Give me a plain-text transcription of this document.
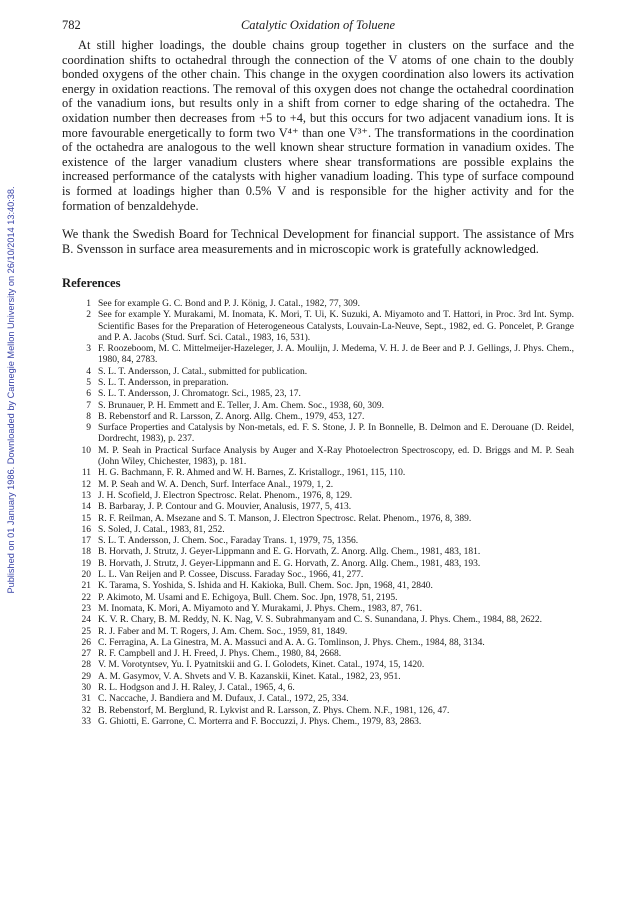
Published on 01 January 1986. Downloaded by Carnegie Mellon University on 26/10/2014 13:40:38.
782	Catalytic Oxidation of Toluene

At still higher loadings, the double chains group together in clusters on the surface and the coordination shifts to octahedral through the connection of the V atoms of one chain to the doubly bonded oxygens of the other chain. This change in the oxygen coordination also lowers its activation energy in oxidation reactions. The removal of this oxygen does not change the octahedral coordination of the vanadium ions, but results only in a shift from corner to edge sharing of the octahedra. The oxidation number then decreases from +5 to +4, but this occurs for two adjacent vanadium ions. It is more favourable energetically to form two V⁴⁺ than one V³⁺. The transformations in the coordination of the octahedra are analogous to the well known shear structure formation in vanadium oxides. The existence of the larger vanadium clusters where shear transformations are possible explains the increased performance of the catalysts with higher vanadium loading. This type of surface compound is formed at loadings higher than 0.5% V and is responsible for the higher activity and for the formation of benzaldehyde.

We thank the Swedish Board for Technical Development for financial support. The assistance of Mrs B. Svensson in surface area measurements and in microscopic work is gratefully acknowledged.

References
1 See for example G. C. Bond and P. J. König, J. Catal., 1982, 77, 309.
2 See for example Y. Murakami, M. Inomata, K. Mori, T. Ui, K. Suzuki, A. Miyamoto and T. Hattori, in Proc. 3rd Int. Symp. Scientific Bases for the Preparation of Heterogeneous Catalysts, Louvain-La-Neuve, Sept., 1982, ed. G. Poncelet, P. Grange and P. A. Jacobs (Stud. Surf. Sci. Catal., 1983, 16, 531).
3 F. Roozeboom, M. C. Mittelmeijer-Hazeleger, J. A. Moulijn, J. Medema, V. H. J. de Beer and P. J. Gellings, J. Phys. Chem., 1980, 84, 2783.
4 S. L. T. Andersson, J. Catal., submitted for publication.
5 S. L. T. Andersson, in preparation.
6 S. L. T. Andersson, J. Chromatogr. Sci., 1985, 23, 17.
7 S. Brunauer, P. H. Emmett and E. Teller, J. Am. Chem. Soc., 1938, 60, 309.
8 B. Rebenstorf and R. Larsson, Z. Anorg. Allg. Chem., 1979, 453, 127.
9 Surface Properties and Catalysis by Non-metals, ed. F. S. Stone, J. P. In Bonnelle, B. Delmon and E. Derouane (D. Reidel, Dordrecht, 1983), p. 237.
10 M. P. Seah in Practical Surface Analysis by Auger and X-Ray Photoelectron Spectroscopy, ed. D. Briggs and M. P. Seah (John Wiley, Chichester, 1983), p. 181.
11 H. G. Bachmann, F. R. Ahmed and W. H. Barnes, Z. Kristallogr., 1961, 115, 110.
12 M. P. Seah and W. A. Dench, Surf. Interface Anal., 1979, 1, 2.
13 J. H. Scofield, J. Electron Spectrosc. Relat. Phenom., 1976, 8, 129.
14 B. Barbaray, J. P. Contour and G. Mouvier, Analusis, 1977, 5, 413.
15 R. F. Reilman, A. Msezane and S. T. Manson, J. Electron Spectrosc. Relat. Phenom., 1976, 8, 389.
16 S. Soled, J. Catal., 1983, 81, 252.
17 S. L. T. Andersson, J. Chem. Soc., Faraday Trans. 1, 1979, 75, 1356.
18 B. Horvath, J. Strutz, J. Geyer-Lippmann and E. G. Horvath, Z. Anorg. Allg. Chem., 1981, 483, 181.
19 B. Horvath, J. Strutz, J. Geyer-Lippmann and E. G. Horvath, Z. Anorg. Allg. Chem., 1981, 483, 193.
20 L. L. Van Reijen and P. Cossee, Discuss. Faraday Soc., 1966, 41, 277.
21 K. Tarama, S. Yoshida, S. Ishida and H. Kakioka, Bull. Chem. Soc. Jpn, 1968, 41, 2840.
22 P. Akimoto, M. Usami and E. Echigoya, Bull. Chem. Soc. Jpn, 1978, 51, 2195.
23 M. Inomata, K. Mori, A. Miyamoto and Y. Murakami, J. Phys. Chem., 1983, 87, 761.
24 K. V. R. Chary, B. M. Reddy, N. K. Nag, V. S. Subrahmanyam and C. S. Sunandana, J. Phys. Chem., 1984, 88, 2622.
25 R. J. Faber and M. T. Rogers, J. Am. Chem. Soc., 1959, 81, 1849.
26 C. Ferragina, A. La Ginestra, M. A. Massuci and A. A. G. Tomlinson, J. Phys. Chem., 1984, 88, 3134.
27 R. F. Campbell and J. H. Freed, J. Phys. Chem., 1980, 84, 2668.
28 V. M. Vorotyntsev, Yu. I. Pyatnitskii and G. I. Golodets, Kinet. Catal., 1974, 15, 1420.
29 A. M. Gasymov, V. A. Shvets and V. B. Kazanskii, Kinet. Katal., 1982, 23, 951.
30 R. L. Hodgson and J. H. Raley, J. Catal., 1965, 4, 6.
31 C. Naccache, J. Bandiera and M. Dufaux, J. Catal., 1972, 25, 334.
32 B. Rebenstorf, M. Berglund, R. Lykvist and R. Larsson, Z. Phys. Chem. N.F., 1981, 126, 47.
33 G. Ghiotti, E. Garrone, C. Morterra and F. Boccuzzi, J. Phys. Chem., 1979, 83, 2863.
